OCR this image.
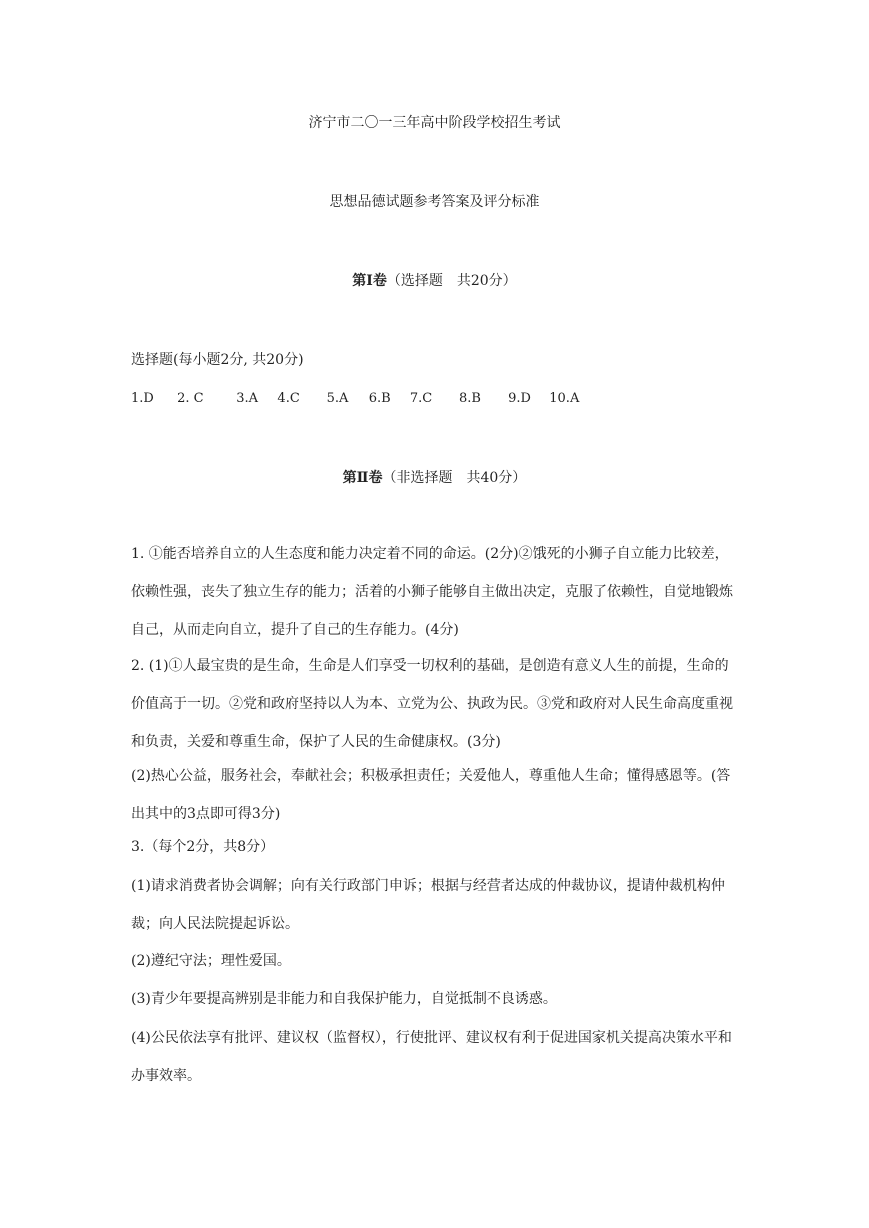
济宁市二〇一三年高中阶段学校招生考试
思想品德试题参考答案及评分标准
第Ⅰ卷（选择题　共20分）
选择题(每小题2分, 共20分)
1.D 2. C	3.A 4.C 5.A 6.B 7.C 8.B 9.D 10.A
第Ⅱ卷（非选择题　共40分）

1. ①能否培养自立的人生态度和能力决定着不同的命运。(2分)②饿死的小狮子自立能力比较差，依赖性强，丧失了独立生存的能力；活着的小狮子能够自主做出决定，克服了依赖性，自觉地锻炼自己，从而走向自立，提升了自己的生存能力。(4分)

2. (1)①人最宝贵的是生命，生命是人们享受一切权利的基础，是创造有意义人生的前提，生命的价值高于一切。②党和政府坚持以人为本、立党为公、执政为民。③党和政府对人民生命高度重视和负责，关爱和尊重生命，保护了人民的生命健康权。(3分)

(2)热心公益，服务社会，奉献社会；积极承担责任；关爱他人，尊重他人生命；懂得感恩等。(答出其中的3点即可得3分)

3.（每个2分，共8分）

(1)请求消费者协会调解；向有关行政部门申诉；根据与经营者达成的仲裁协议，提请仲裁机构仲裁；向人民法院提起诉讼。

(2)遵纪守法；理性爱国。

(3)青少年要提高辨别是非能力和自我保护能力，自觉抵制不良诱惑。

(4)公民依法享有批评、建议权（监督权），行使批评、建议权有利于促进国家机关提高决策水平和办事效率。
